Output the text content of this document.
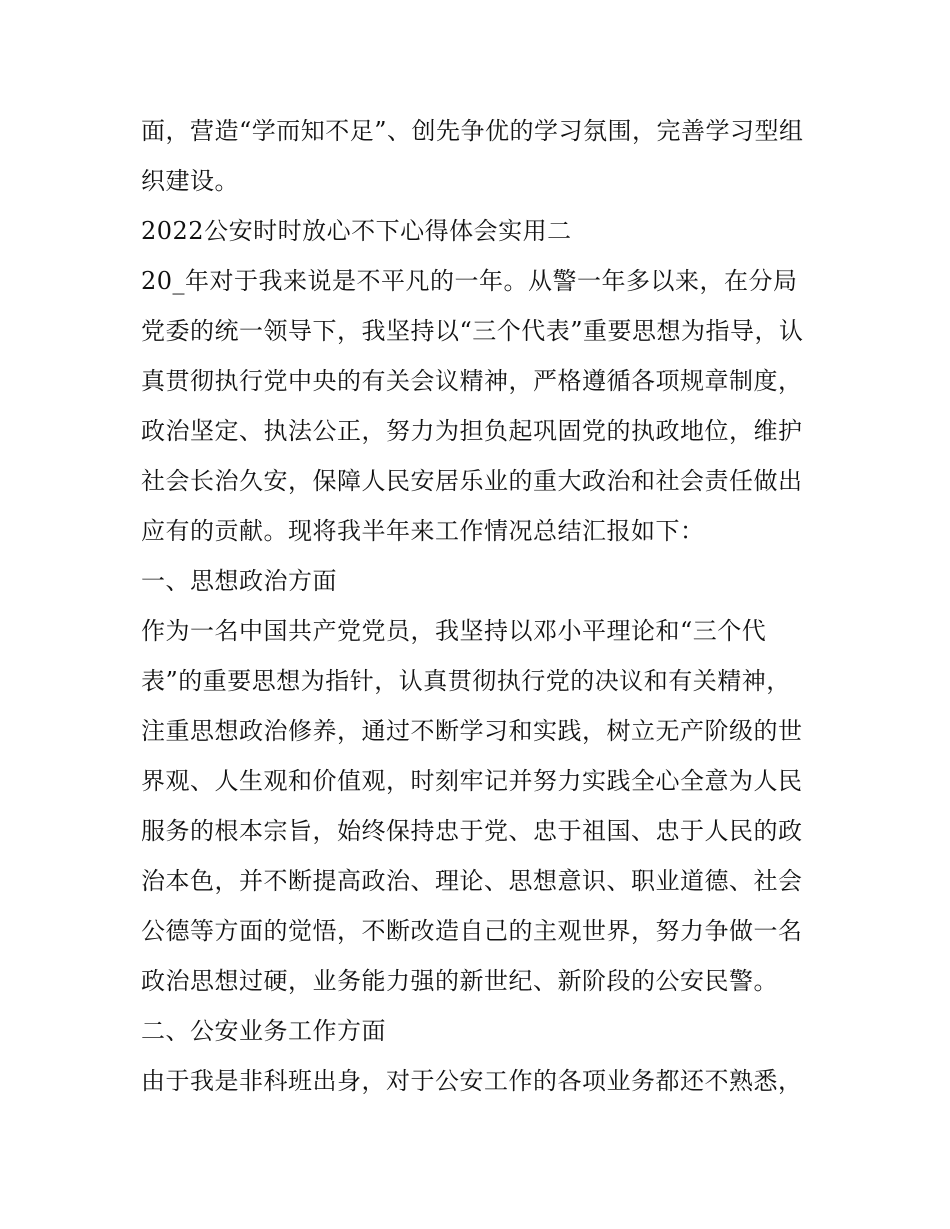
面，营造“学而知不足”、创先争优的学习氛围，完善学习型组
织建设。
2022公安时时放心不下心得体会实用二
20_年对于我来说是不平凡的一年。从警一年多以来，在分局
党委的统一领导下，我坚持以“三个代表”重要思想为指导，认
真贯彻执行党中央的有关会议精神，严格遵循各项规章制度，
政治坚定、执法公正，努力为担负起巩固党的执政地位，维护
社会长治久安，保障人民安居乐业的重大政治和社会责任做出
应有的贡献。现将我半年来工作情况总结汇报如下：
一、思想政治方面
作为一名中国共产党党员，我坚持以邓小平理论和“三个代
表”的重要思想为指针，认真贯彻执行党的决议和有关精神，
注重思想政治修养，通过不断学习和实践，树立无产阶级的世
界观、人生观和价值观，时刻牢记并努力实践全心全意为人民
服务的根本宗旨，始终保持忠于党、忠于祖国、忠于人民的政
治本色，并不断提高政治、理论、思想意识、职业道德、社会
公德等方面的觉悟，不断改造自己的主观世界，努力争做一名
政治思想过硬，业务能力强的新世纪、新阶段的公安民警。
二、公安业务工作方面
由于我是非科班出身，对于公安工作的各项业务都还不熟悉，
